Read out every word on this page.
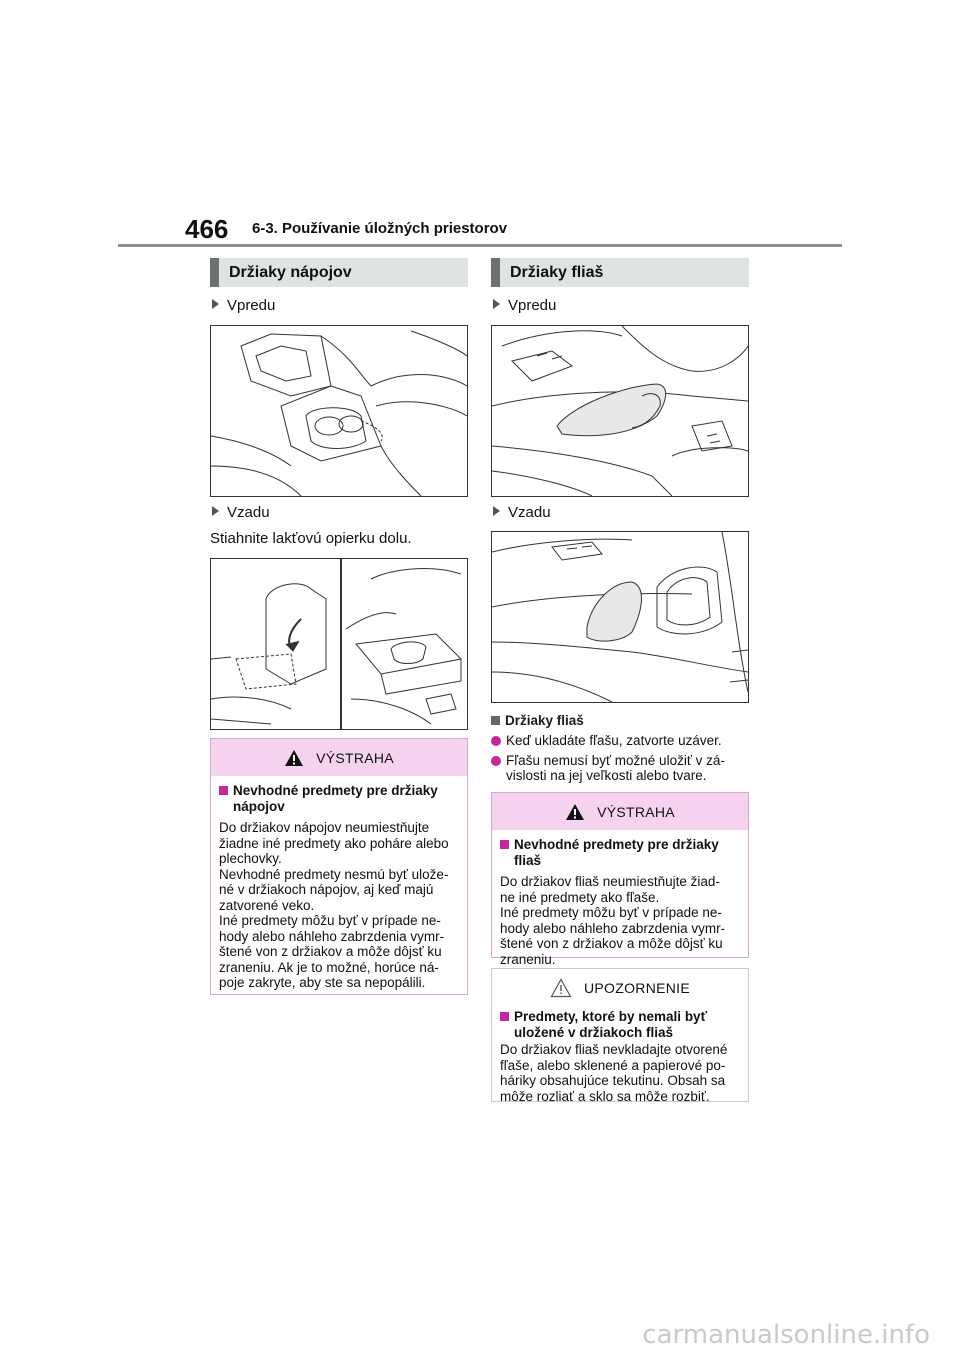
466 6-3. Používanie úložných priestorov
Držiaky nápojov
Vpredu
Vzadu
Stiahnite lakťovú opierku dolu.
VÝSTRAHA
Nevhodné predmety pre držiaky nápojov
Do držiakov nápojov neumiestňujte
žiadne iné predmety ako poháre alebo
plechovky.
Nevhodné predmety nesmú byť ulože-
né v držiakoch nápojov, aj keď majú
zatvorené veko.
Iné predmety môžu byť v prípade ne-
hody alebo náhleho zabrzdenia vymr-
štené von z držiakov a môže dôjsť ku
zraneniu. Ak je to možné, horúce ná-
poje zakryte, aby ste sa nepopálili.
Držiaky fliaš
Vpredu
Vzadu
Držiaky fliaš
Keď ukladáte fľašu, zatvorte uzáver.
Fľašu nemusí byť možné uložiť v zá-
vislosti na jej veľkosti alebo tvare.
VÝSTRAHA
Nevhodné predmety pre držiaky fliaš
Do držiakov fliaš neumiestňujte žiad-
ne iné predmety ako fľaše.
Iné predmety môžu byť v prípade ne-
hody alebo náhleho zabrzdenia vymr-
štené von z držiakov a môže dôjsť ku
zraneniu.
UPOZORNENIE
Predmety, ktoré by nemali byť uložené v držiakoch fliaš
Do držiakov fliaš nevkladajte otvorené
fľaše, alebo sklenené a papierové po-
háriky obsahujúce tekutinu. Obsah sa
môže rozliať a sklo sa môže rozbiť.
carmanualsonline.info
